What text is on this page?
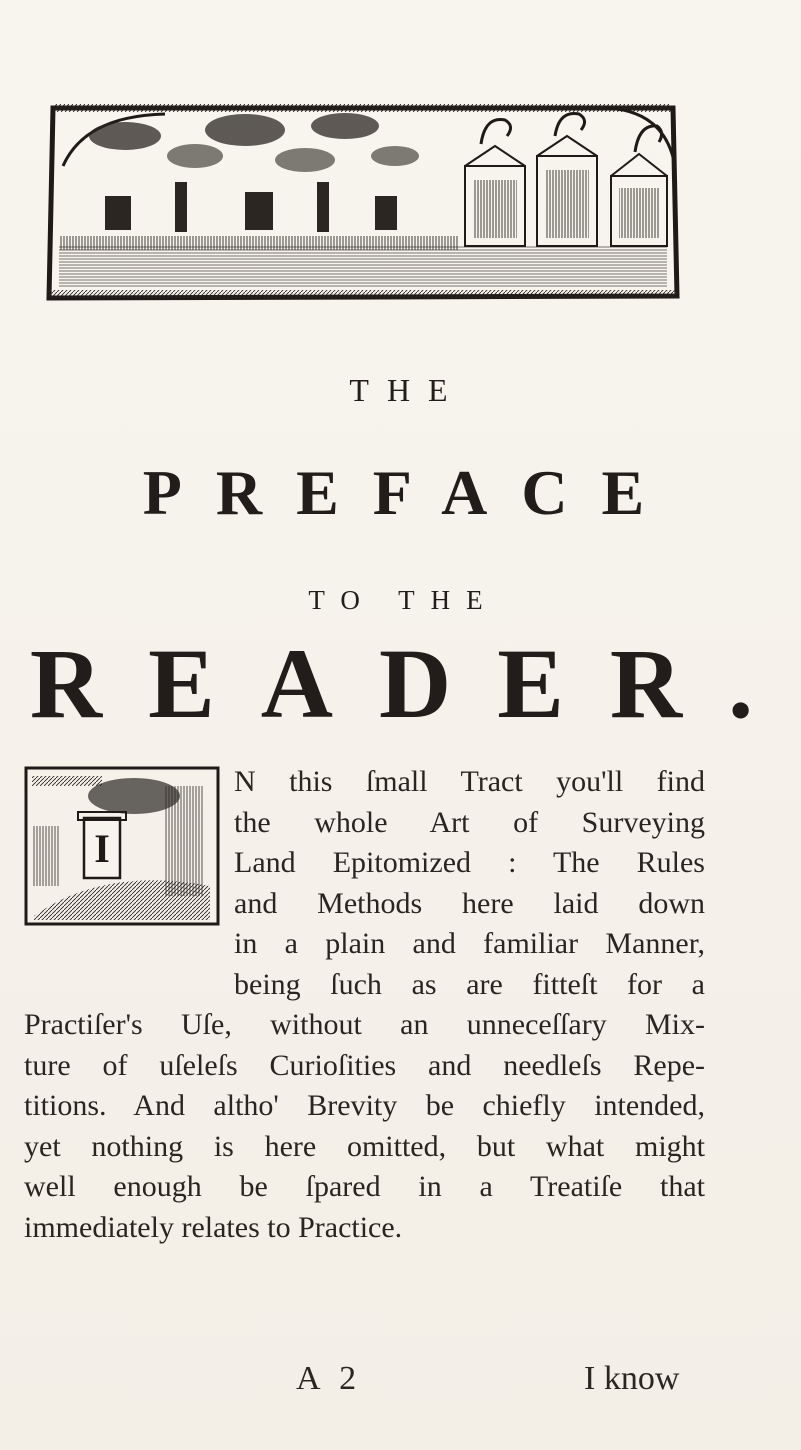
THE
PREFACE
TO THE
READER.
I
N this ſmall Tract you'll find
the whole Art of Surveying
Land Epitomized : The Rules
and Methods here laid down
in a plain and familiar Manner,
being ſuch as are fitteſt for a
Practiſer's Uſe, without an unneceſſary Mix-
ture of uſeleſs Curioſities and needleſs Repe-
titions. And altho' Brevity be chiefly intended,
yet nothing is here omitted, but what might
well enough be ſpared in a Treatiſe that
immediately relates to Practice.
A 2	I know
